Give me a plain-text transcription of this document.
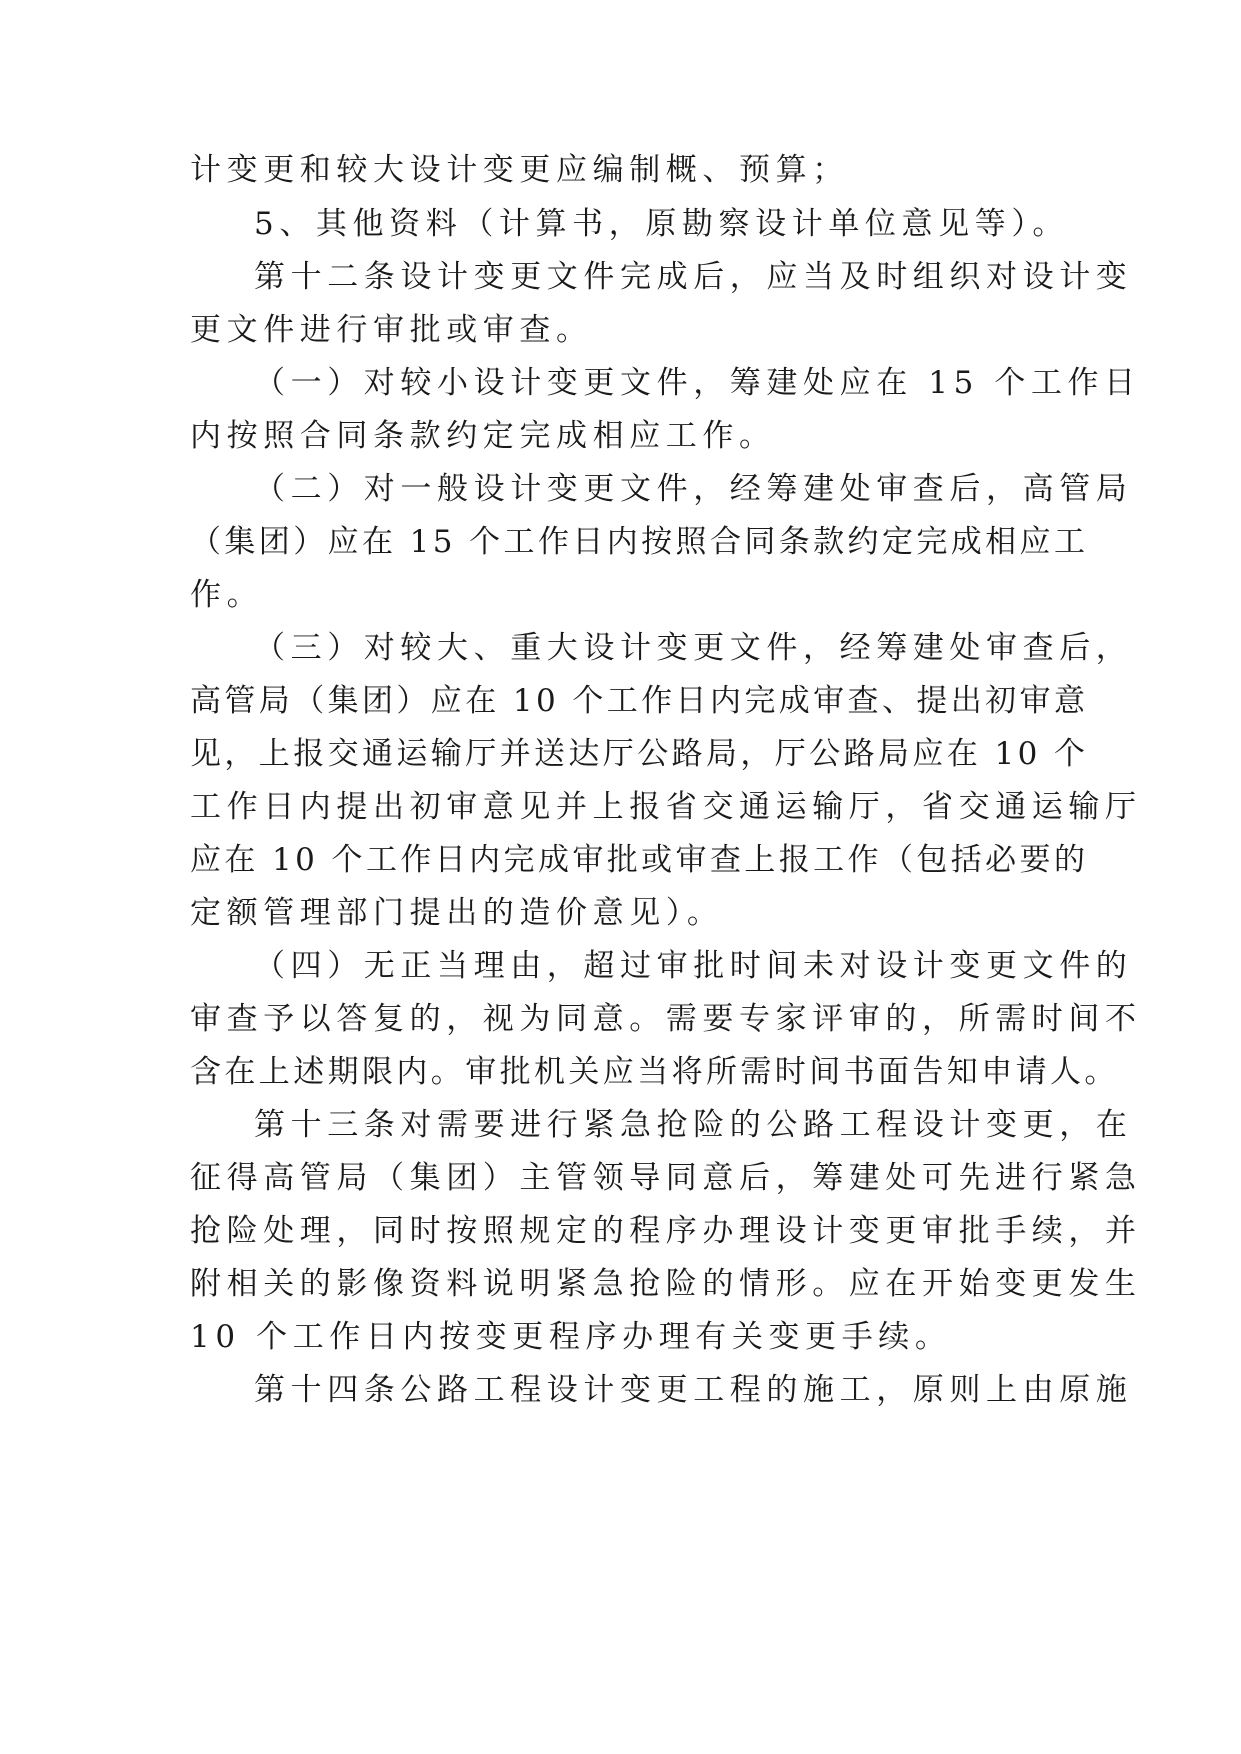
计变更和较大设计变更应编制概、预算；
5、其他资料（计算书，原勘察设计单位意见等）。
第十二条设计变更文件完成后，应当及时组织对设计变
更文件进行审批或审查。
（一）对较小设计变更文件，筹建处应在 15 个工作日
内按照合同条款约定完成相应工作。
（二）对一般设计变更文件，经筹建处审查后，高管局
（集团）应在 15 个工作日内按照合同条款约定完成相应工
作。
（三）对较大、重大设计变更文件，经筹建处审查后，
高管局（集团）应在 10 个工作日内完成审查、提出初审意
见，上报交通运输厅并送达厅公路局，厅公路局应在 10 个
工作日内提出初审意见并上报省交通运输厅，省交通运输厅
应在 10 个工作日内完成审批或审查上报工作（包括必要的
定额管理部门提出的造价意见）。
（四）无正当理由，超过审批时间未对设计变更文件的
审查予以答复的，视为同意。需要专家评审的，所需时间不
含在上述期限内。审批机关应当将所需时间书面告知申请人。
第十三条对需要进行紧急抢险的公路工程设计变更，在
征得高管局（集团）主管领导同意后，筹建处可先进行紧急
抢险处理，同时按照规定的程序办理设计变更审批手续，并
附相关的影像资料说明紧急抢险的情形。应在开始变更发生
10 个工作日内按变更程序办理有关变更手续。
第十四条公路工程设计变更工程的施工，原则上由原施
